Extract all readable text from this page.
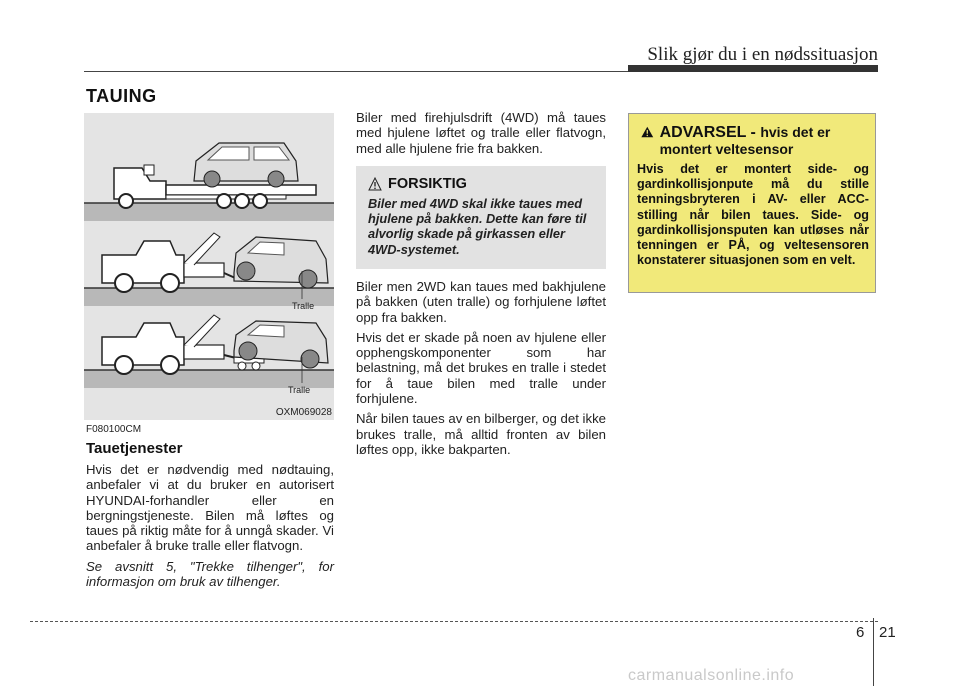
Slik gjør du i en nødssituasjon
TAUING
Tralle
Tralle
OXM069028
F080100CM
Tauetjenester

Hvis det er nødvendig med nødtauing, anbefaler vi at du bruker en autorisert HYUNDAI-forhandler eller en bergningstjeneste. Bilen må løftes og taues på riktig måte for å unngå skader. Vi anbefaler å bruke tralle eller flatvogn.

Se avsnitt 5, "Trekke tilhenger", for informasjon om bruk av tilhenger.

Biler med firehjulsdrift (4WD) må taues med hjulene løftet og tralle eller flatvogn, med alle hjulene frie fra bakken.

FORSIKTIG
Biler med 4WD skal ikke taues med hjulene på bakken. Dette kan føre til alvorlig skade på girkassen eller 4WD-systemet.

Biler men 2WD kan taues med bakhjulene på bakken (uten tralle) og forhjulene løftet opp fra bakken.

Hvis det er skade på noen av hjulene eller opphengskomponenter som har belastning, må det brukes en tralle i stedet for å taue bilen med tralle under forhjulene.

Når bilen taues av en bilberger, og det ikke brukes tralle, må alltid fronten av bilen løftes opp, ikke bakparten.

ADVARSEL - hvis det er montert veltesensor
Hvis det er montert side- og gardinkollisjonpute må du stille tenningsbryteren i AV- eller ACC-stilling når bilen taues. Side- og gardinkollisjonsputen kan utløses når tenningen er PÅ, og veltesensoren konstaterer situasjonen som en velt.
6 21
carmanualsonline.info
